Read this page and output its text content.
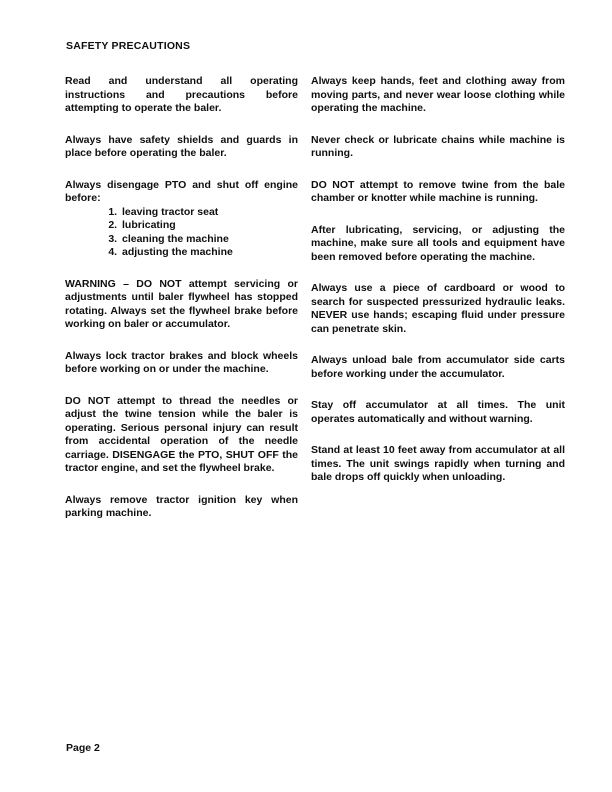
SAFETY PRECAUTIONS

Read and understand all operating instructions and precautions before attempting to operate the baler.

Always have safety shields and guards in place before operating the baler.

Always disengage PTO and shut off engine before:

1. leaving tractor seat
2. lubricating
3. cleaning the machine
4. adjusting the machine

WARNING – DO NOT attempt servicing or adjustments until baler flywheel has stopped rotating. Always set the flywheel brake before working on baler or accumulator.

Always lock tractor brakes and block wheels before working on or under the machine.

DO NOT attempt to thread the needles or adjust the twine tension while the baler is operating. Serious personal injury can result from accidental operation of the needle carriage. DISENGAGE the PTO, SHUT OFF the tractor engine, and set the flywheel brake.

Always remove tractor ignition key when parking machine.

Always keep hands, feet and clothing away from moving parts, and never wear loose clothing while operating the machine.

Never check or lubricate chains while machine is running.

DO NOT attempt to remove twine from the bale chamber or knotter while machine is running.

After lubricating, servicing, or adjusting the machine, make sure all tools and equipment have been removed before operating the machine.

Always use a piece of cardboard or wood to search for suspected pressurized hydraulic leaks. NEVER use hands; escaping fluid under pressure can penetrate skin.

Always unload bale from accumulator side carts before working under the accumulator.

Stay off accumulator at all times. The unit operates automatically and without warning.

Stand at least 10 feet away from accumulator at all times. The unit swings rapidly when turning and bale drops off quickly when unloading.

Page 2
